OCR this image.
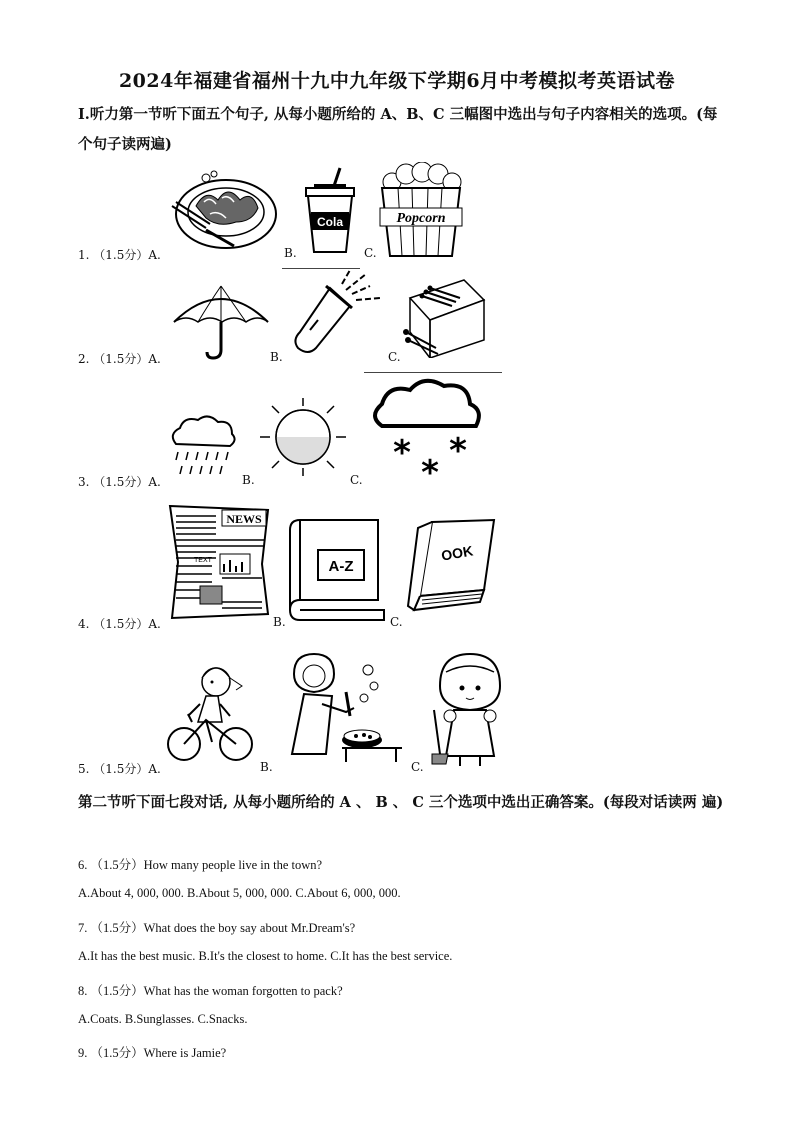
2024年福建省福州十九中九年级下学期6月中考模拟考英语试卷
Ⅰ.听力第一节听下面五个句子, 从每小题所给的 A、B、C 三幅图中选出与句子内容相关的选项。(每个句子读两遍)
1. （1.5分）A.	B.
Cola
C.
Popcorn
2. （1.5分）A.	B.	C.
3. （1.5分）A.	B.	C.
* *
*
4. （1.5分）A.
NEWS
TEXT
B.
A-Z
C.
OOK
5. （1.5分）A.	B.	C.
第二节听下面七段对话, 从每小题所给的 A 、 B 、 C 三个选项中选出正确答案。(每段对话读两 遍)
6. （1.5分）How many people live in the town?
A.About 4, 000, 000. B.About 5, 000, 000. C.About 6, 000, 000.
7. （1.5分）What does the boy say about Mr.Dream's?
A.It has the best music. B.It's the closest to home. C.It has the best service.
8. （1.5分）What has the woman forgotten to pack?
A.Coats. B.Sunglasses. C.Snacks.
9. （1.5分）Where is Jamie?
